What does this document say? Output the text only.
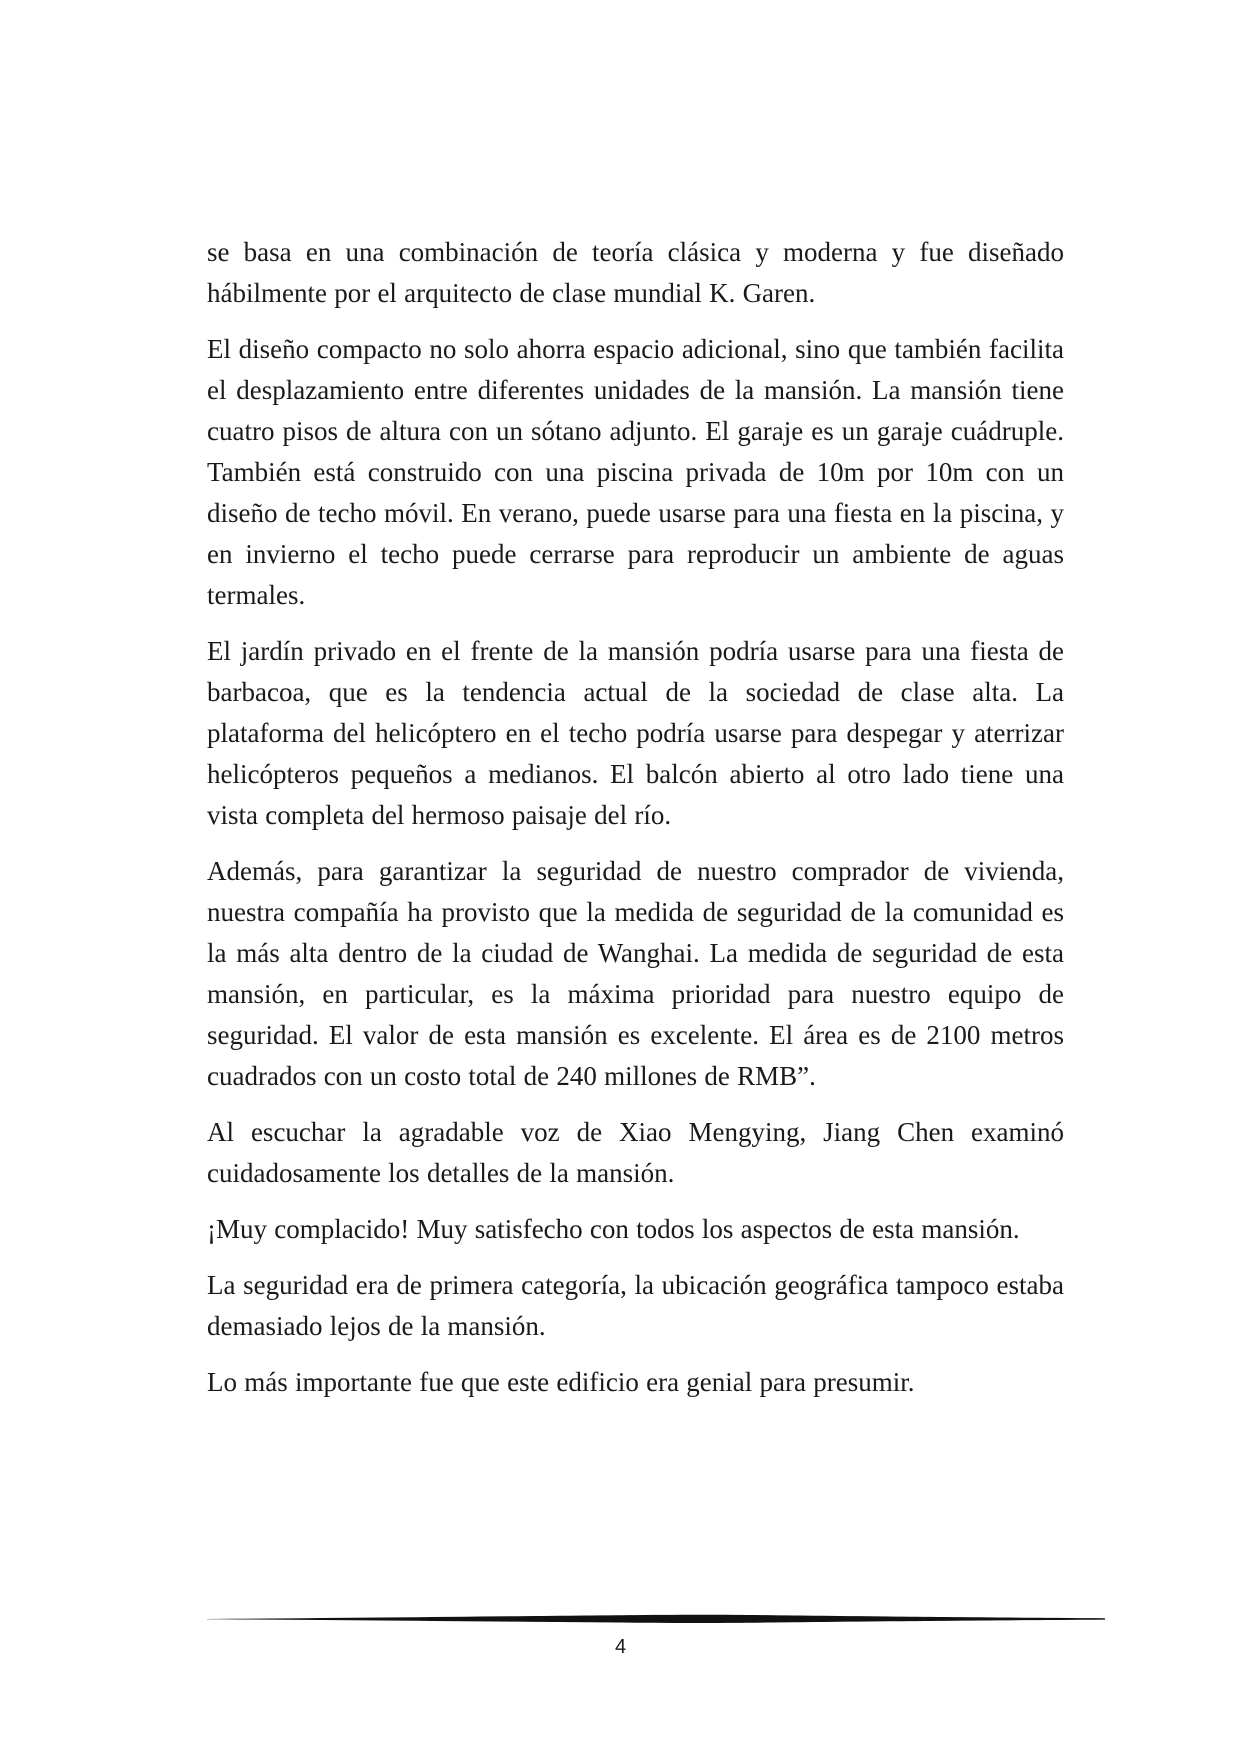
se basa en una combinación de teoría clásica y moderna y fue diseñado hábilmente por el arquitecto de clase mundial K. Garen.

El diseño compacto no solo ahorra espacio adicional, sino que también facilita el desplazamiento entre diferentes unidades de la mansión. La mansión tiene cuatro pisos de altura con un sótano adjunto. El garaje es un garaje cuádruple. También está construido con una piscina privada de 10m por 10m con un diseño de techo móvil. En verano, puede usarse para una fiesta en la piscina, y en invierno el techo puede cerrarse para reproducir un ambiente de aguas termales.

El jardín privado en el frente de la mansión podría usarse para una fiesta de barbacoa, que es la tendencia actual de la sociedad de clase alta. La plataforma del helicóptero en el techo podría usarse para despegar y aterrizar helicópteros pequeños a medianos. El balcón abierto al otro lado tiene una vista completa del hermoso paisaje del río.

Además, para garantizar la seguridad de nuestro comprador de vivienda, nuestra compañía ha provisto que la medida de seguridad de la comunidad es la más alta dentro de la ciudad de Wanghai. La medida de seguridad de esta mansión, en particular, es la máxima prioridad para nuestro equipo de seguridad. El valor de esta mansión es excelente. El área es de 2100 metros cuadrados con un costo total de 240 millones de RMB”.

Al escuchar la agradable voz de Xiao Mengying, Jiang Chen examinó cuidadosamente los detalles de la mansión.

¡Muy complacido! Muy satisfecho con todos los aspectos de esta mansión.

La seguridad era de primera categoría, la ubicación geográfica tampoco estaba demasiado lejos de la mansión.

Lo más importante fue que este edificio era genial para presumir.

4
